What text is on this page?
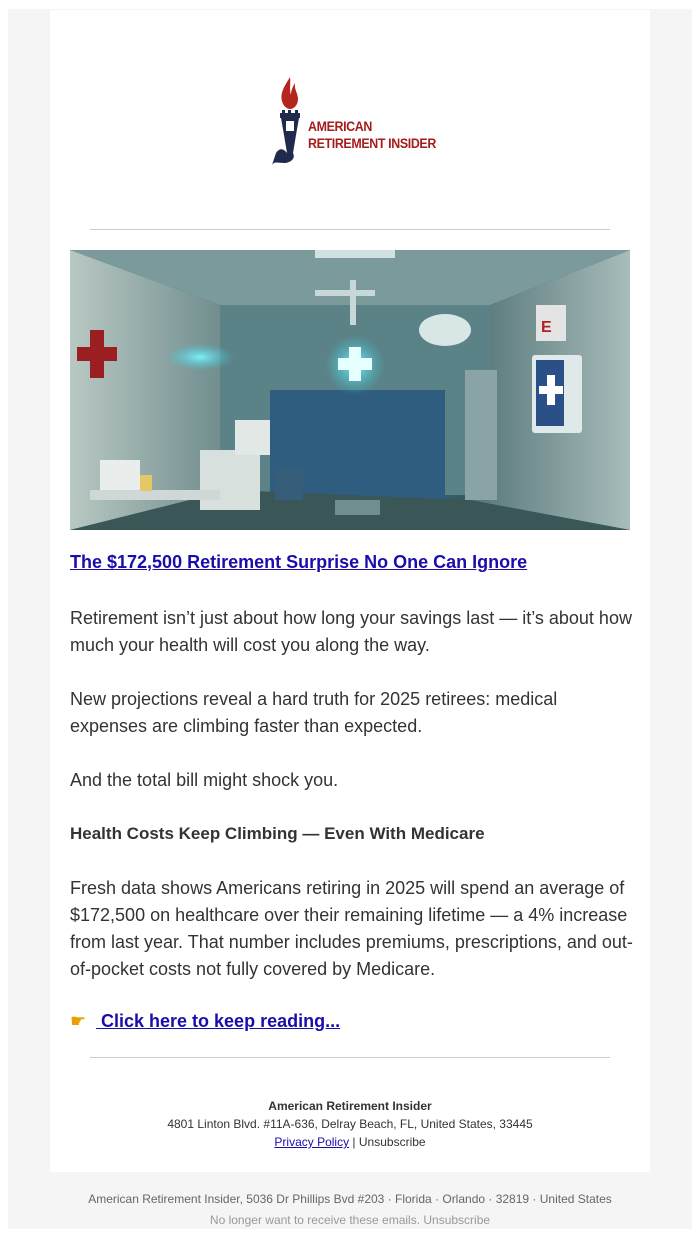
AMERICAN
RETIREMENT INSIDER
E
The $172,500 Retirement Surprise No One Can Ignore

Retirement isn’t just about how long your savings last — it’s about how much your health will cost you along the way.

New projections reveal a hard truth for 2025 retirees: medical expenses are climbing faster than expected.

And the total bill might shock you.

Health Costs Keep Climbing — Even With Medicare

Fresh data shows Americans retiring in 2025 will spend an average of $172,500 on healthcare over their remaining lifetime — a 4% increase from last year. That number includes premiums, prescriptions, and out-of-pocket costs not fully covered by Medicare.

☛ Click here to keep reading...
American Retirement Insider
4801 Linton Blvd. #11A-636, Delray Beach, FL, United States, 33445
Privacy Policy | Unsubscribe
American Retirement Insider, 5036 Dr Phillips Bvd #203 · Florida · Orlando · 32819 · United States
No longer want to receive these emails. Unsubscribe
